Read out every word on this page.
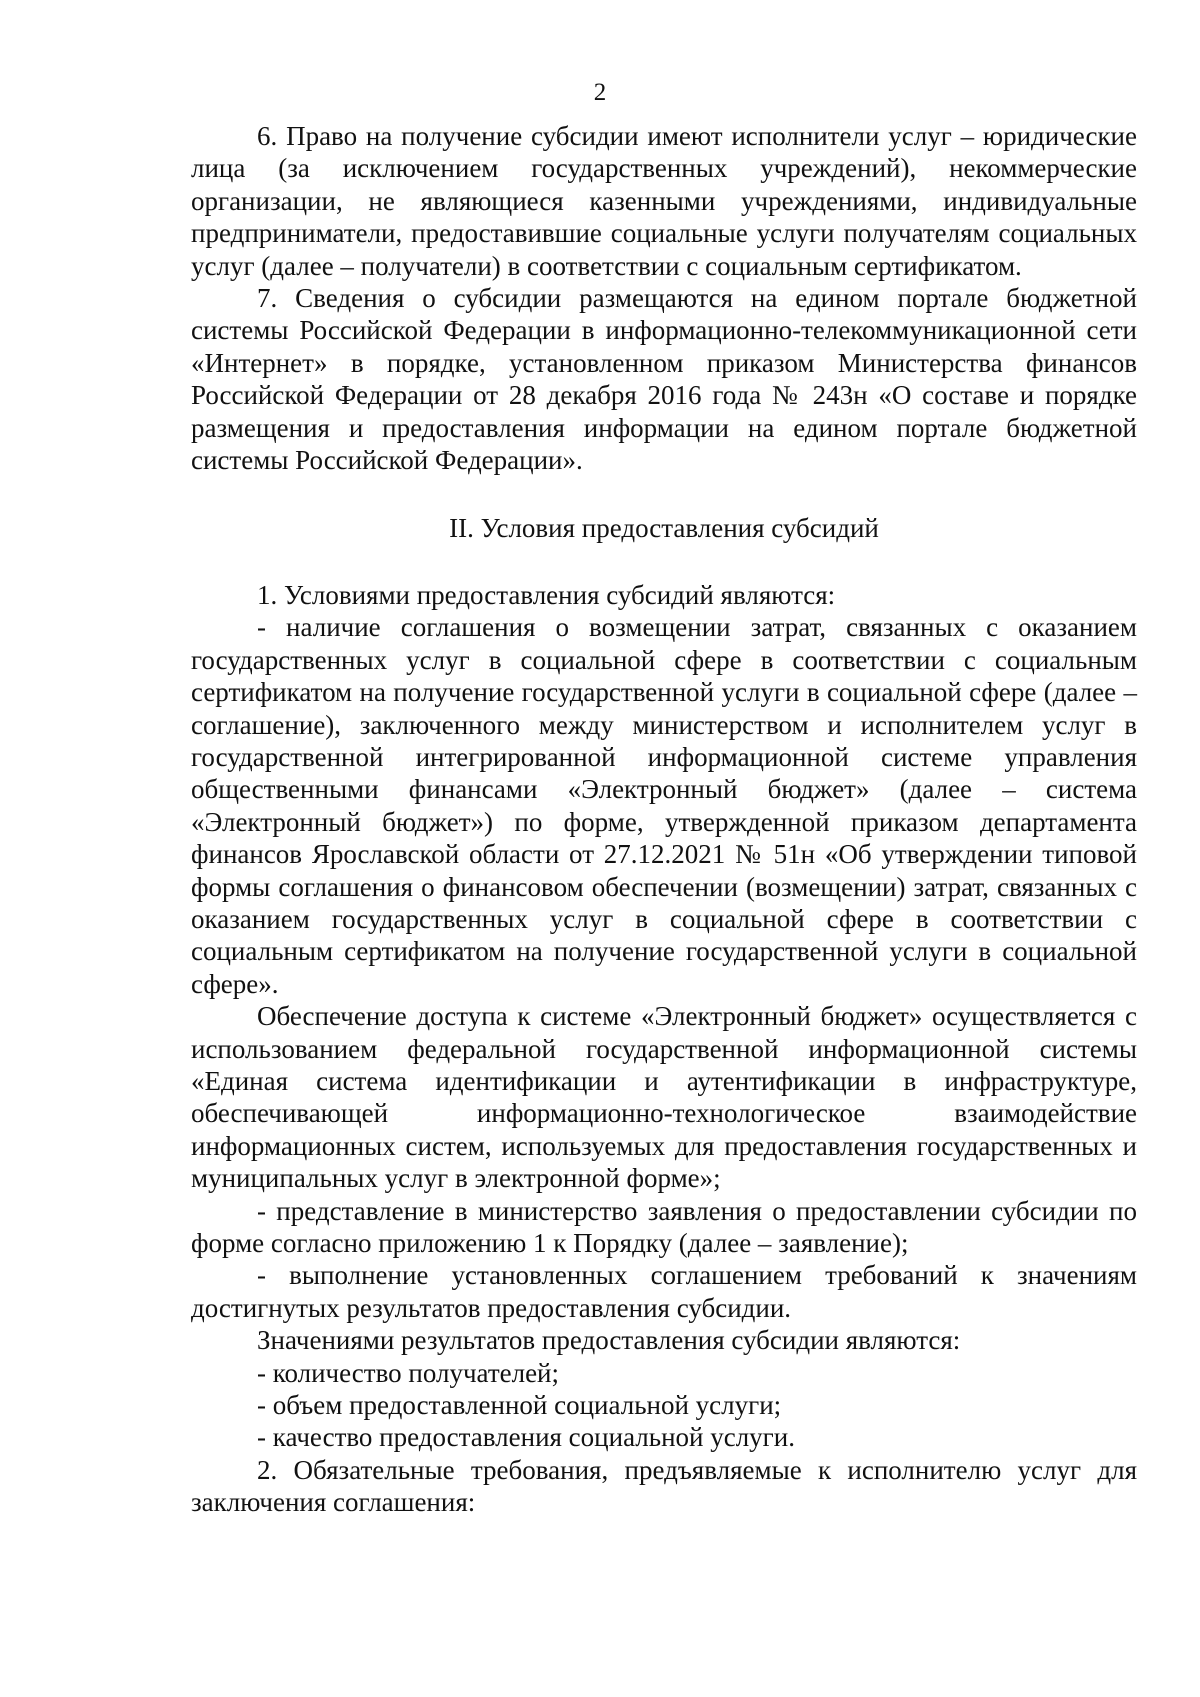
2

6. Право на получение субсидии имеют исполнители услуг – юридические лица (за исключением государственных учреждений), некоммерческие организации, не являющиеся казенными учреждениями, индивидуальные предприниматели, предоставившие социальные услуги получателям социальных услуг (далее – получатели) в соответствии с социальным сертификатом.

7. Сведения о субсидии размещаются на едином портале бюджетной системы Российской Федерации в информационно-телекоммуникационной сети «Интернет» в порядке, установленном приказом Министерства финансов Российской Федерации от 28 декабря 2016 года № 243н «О составе и порядке размещения и предоставления информации на едином портале бюджетной системы Российской Федерации».

II. Условия предоставления субсидий

1. Условиями предоставления субсидий являются:

- наличие соглашения о возмещении затрат, связанных с оказанием государственных услуг в социальной сфере в соответствии с социальным сертификатом на получение государственной услуги в социальной сфере (далее – соглашение), заключенного между министерством и исполнителем услуг в государственной интегрированной информационной системе управления общественными финансами «Электронный бюджет» (далее – система «Электронный бюджет») по форме, утвержденной приказом департамента финансов Ярославской области от 27.12.2021 № 51н «Об утверждении типовой формы соглашения о финансовом обеспечении (возмещении) затрат, связанных с оказанием государственных услуг в социальной сфере в соответствии с социальным сертификатом на получение государственной услуги в социальной сфере».

Обеспечение доступа к системе «Электронный бюджет» осуществляется с использованием федеральной государственной информационной системы «Единая система идентификации и аутентификации в инфраструктуре, обеспечивающей информационно-технологическое взаимодействие информационных систем, используемых для предоставления государственных и муниципальных услуг в электронной форме»;

- представление в министерство заявления о предоставлении субсидии по форме согласно приложению 1 к Порядку (далее – заявление);

- выполнение установленных соглашением требований к значениям достигнутых результатов предоставления субсидии.

Значениями результатов предоставления субсидии являются:

- количество получателей;

- объем предоставленной социальной услуги;

- качество предоставления социальной услуги.

2. Обязательные требования, предъявляемые к исполнителю услуг для заключения соглашения:
